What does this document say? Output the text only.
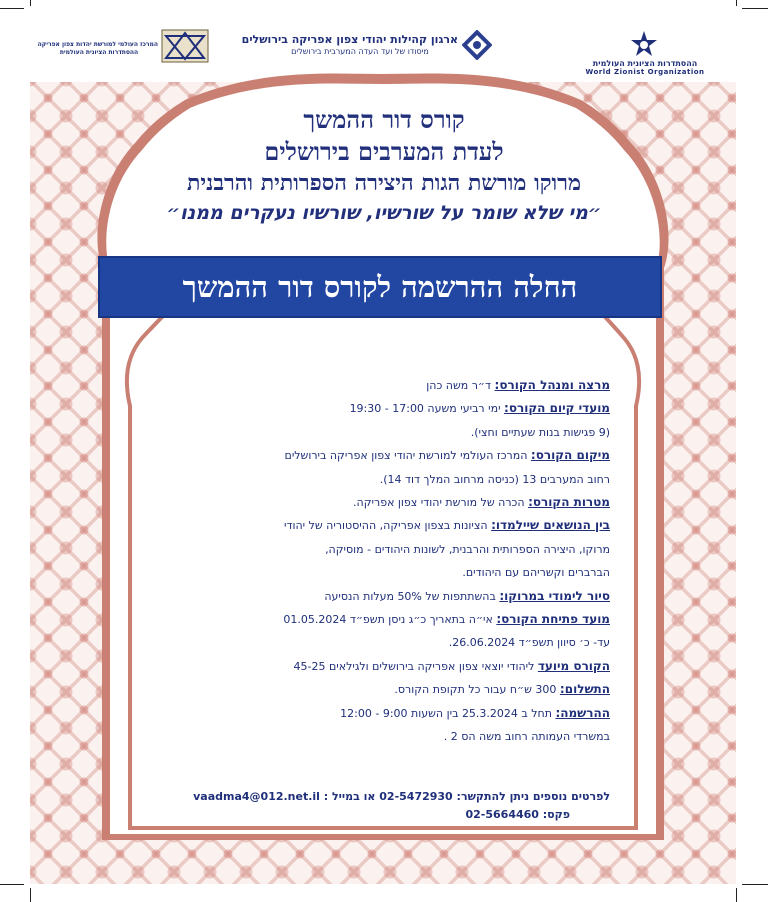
ההסתדרות הציונית העולמית
World Zionist Organization
ארגון קהילות יהודי צפון אפריקה בירושלים
מיסודו של ועד העדה המערבית בירושלים
המרכז העולמי למורשת יהדות צפון אפריקה
ההסתדרות הציונית העולמית
קורס דור ההמשך
לעדת המערבים בירושלים
מרוקו מורשת הגות היצירה הספרותית והרבנית
״מי שלא שומר על שורשיו, שורשיו נעקרים ממנו״
החלה ההרשמה לקורס דור ההמשך
מרצה ומנהל הקורס: ד״ר משה כהן
מועדי קיום הקורס: ימי רביעי משעה 17:00 - 19:30
(9 פגישות בנות שעתיים וחצי).
מיקום הקורס: המרכז העולמי למורשת יהודי צפון אפריקה בירושלים
רחוב המערבים 13 (כניסה מרחוב המלך דוד 14).
מטרות הקורס: הכרה של מורשת יהודי צפון אפריקה.
בין הנושאים שיילמדו: הציונות בצפון אפריקה, ההיסטוריה של יהודי
מרוקו, היצירה הספרותית והרבנית, לשונות היהודים - מוסיקה,
הברברים וקשריהם עם היהודים.
סיור לימודי במרוקו: בהשתתפות של 50% מעלות הנסיעה
מועד פתיחת הקורס: אי״ה בתאריך כ״ג ניסן תשפ״ד 01.05.2024
עד- כ׳ סיוון תשפ״ד 26.06.2024.
הקורס מיועד ליהודי יוצאי צפון אפריקה בירושלים ולגילאים 45-25
התשלום: 300 ש״ח עבור כל תקופת הקורס.
ההרשמה: תחל ב 25.3.2024 בין השעות 9:00 - 12:00
במשרדי העמותה רחוב משה הס 2 .
לפרטים נוספים ניתן להתקשר: 02-5472930 או במייל : vaadma4@012.net.il
פקס: 02-5664460
